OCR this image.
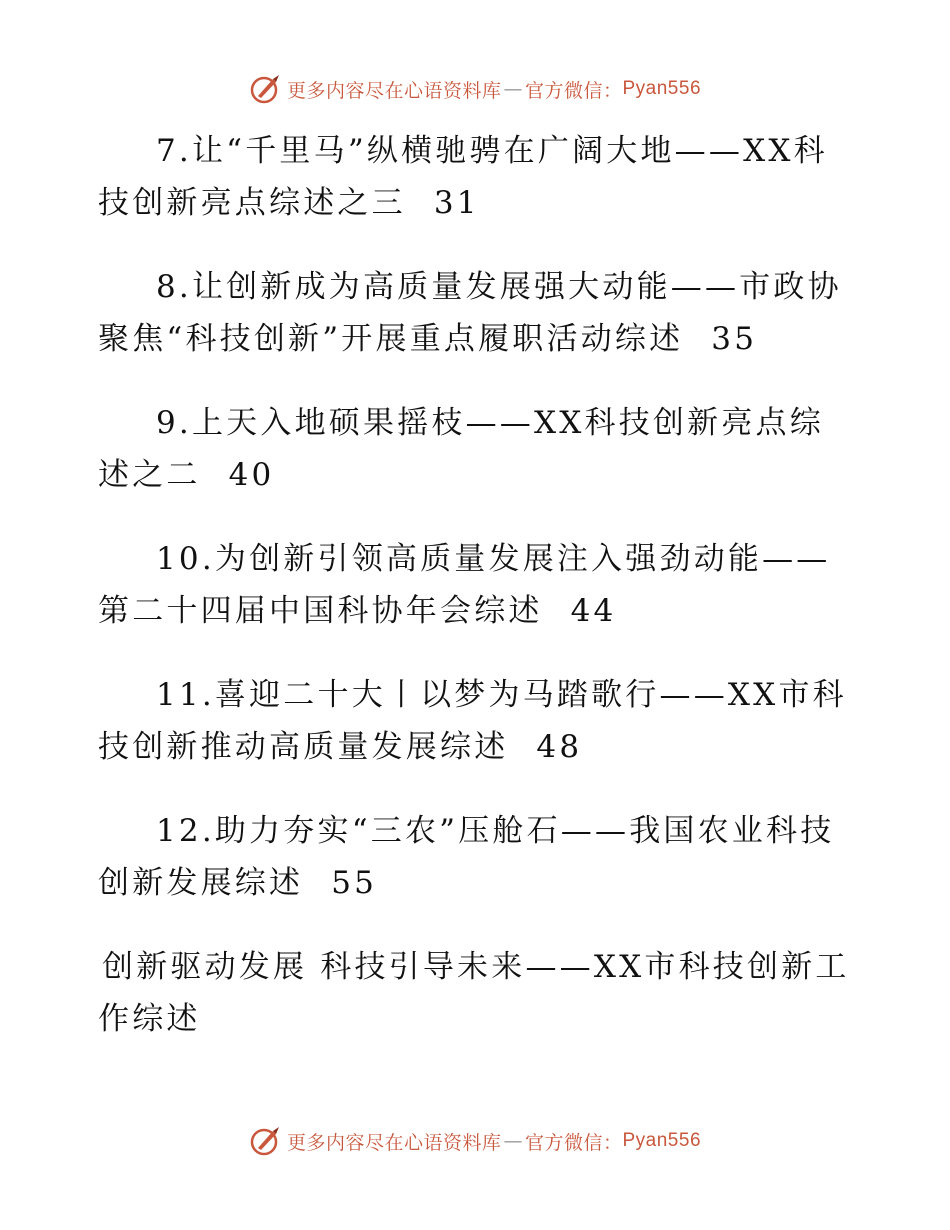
更多内容尽在心语资料库 — 官方微信： Pyan556

7.让“千里马”纵横驰骋在广阔大地——XX科技创新亮点综述之三 31

8.让创新成为高质量发展强大动能——市政协聚焦“科技创新”开展重点履职活动综述 35

9.上天入地硕果摇枝——XX科技创新亮点综述之二 40

10.为创新引领高质量发展注入强劲动能——第二十四届中国科协年会综述 44

11.喜迎二十大丨以梦为马踏歌行——XX市科技创新推动高质量发展综述 48

12.助力夯实“三农”压舱石——我国农业科技创新发展综述 55

创新驱动发展 科技引导未来——XX市科技创新工作综述

更多内容尽在心语资料库 — 官方微信： Pyan556
